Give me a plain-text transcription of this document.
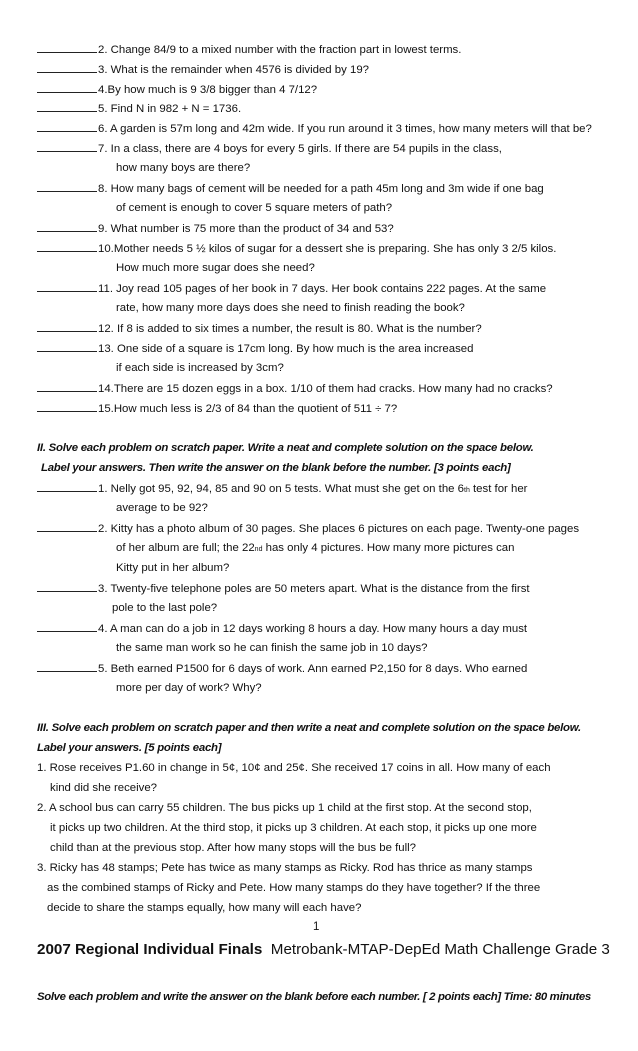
2. Change 84/9 to a mixed number with the fraction part in lowest terms.
3. What is the remainder when 4576 is divided by 19?
4.By how much is 9 3/8 bigger than 4 7/12?
5. Find N in 982 + N = 1736.
6. A garden is 57m long and 42m wide. If you run around it 3 times, how many meters will that be?
7. In a class, there are 4 boys for every 5 girls. If there are 54 pupils in the class,
how many boys are there?
8. How many bags of cement will be needed for a path 45m long and 3m wide if one bag
of cement is enough to cover 5 square meters of path?
9. What number is 75 more than the product of 34 and 53?
10.Mother needs 5 ½ kilos of sugar for a dessert she is preparing. She has only 3 2/5 kilos.
How much more sugar does she need?
11. Joy read 105 pages of her book in 7 days. Her book contains 222 pages. At the same
rate, how many more days does she need to finish reading the book?
12. If 8 is added to six times a number, the result is 80. What is the number?
13. One side of a square is 17cm long. By how much is the area increased
if each side is increased by 3cm?
14.There are 15 dozen eggs in a box. 1/10 of them had cracks. How many had no cracks?
15.How much less is 2/3 of 84 than the quotient of 511 ÷ 7?
II. Solve each problem on scratch paper. Write a neat and complete solution on the space below.
Label your answers. Then write the answer on the blank before the number. [3 points each]
1. Nelly got 95, 92, 94, 85 and 90 on 5 tests. What must she get on the 6th test for her
average to be 92?
2. Kitty has a photo album of 30 pages. She places 6 pictures on each page. Twenty-one pages
of her album are full; the 22nd has only 4 pictures. How many more pictures can
Kitty put in her album?
3. Twenty-five telephone poles are 50 meters apart. What is the distance from the first
pole to the last pole?
4. A man can do a job in 12 days working 8 hours a day. How many hours a day must
the same man work so he can finish the same job in 10 days?
5. Beth earned P1500 for 6 days of work. Ann earned P2,150 for 8 days. Who earned
more per day of work? Why?
III. Solve each problem on scratch paper and then write a neat and complete solution on the space below.
Label your answers. [5 points each]
1. Rose receives P1.60 in change in 5¢, 10¢ and 25¢. She received 17 coins in all. How many of each
kind did she receive?
2. A school bus can carry 55 children. The bus picks up 1 child at the first stop. At the second stop,
it picks up two children. At the third stop, it picks up 3 children. At each stop, it picks up one more
child than at the previous stop. After how many stops will the bus be full?
3. Ricky has 48 stamps; Pete has twice as many stamps as Ricky. Rod has thrice as many stamps
as the combined stamps of Ricky and Pete. How many stamps do they have together? If the three
decide to share the stamps equally, how many will each have?
1
2007 Regional Individual Finals Metrobank-MTAP-DepEd Math Challenge Grade 3
Solve each problem and write the answer on the blank before each number. [ 2 points each] Time: 80 minutes
